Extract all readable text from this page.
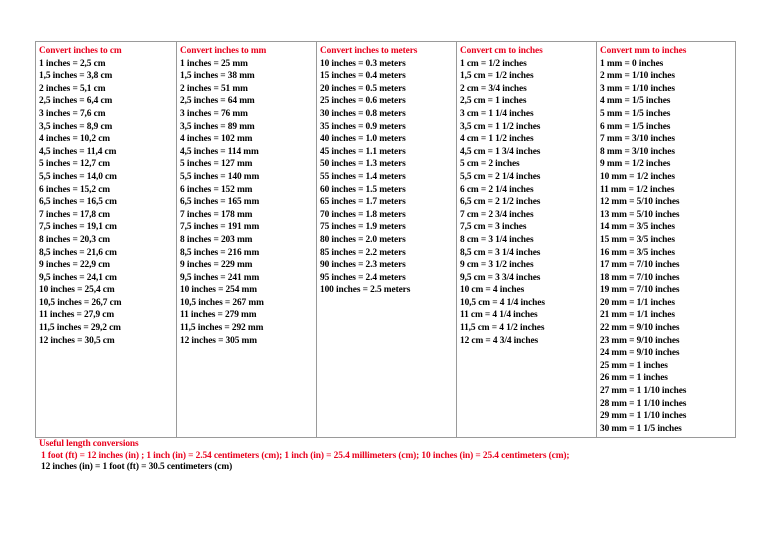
Convert inches to cm
1 inches = 2,5 cm
1,5 inches = 3,8 cm
2 inches = 5,1 cm
2,5 inches = 6,4 cm
3 inches = 7,6 cm
3,5 inches = 8,9 cm
4 inches = 10,2 cm
4,5 inches = 11,4 cm
5 inches = 12,7 cm
5,5 inches = 14,0 cm
6 inches = 15,2 cm
6,5 inches = 16,5 cm
7 inches = 17,8 cm
7,5 inches = 19,1 cm
8 inches = 20,3 cm
8,5 inches = 21,6 cm
9 inches = 22,9 cm
9,5 inches = 24,1 cm
10 inches = 25,4 cm
10,5 inches = 26,7 cm
11 inches = 27,9 cm
11,5 inches = 29,2 cm
12 inches = 30,5 cm
Convert inches to mm
1 inches = 25 mm
1,5 inches = 38 mm
2 inches = 51 mm
2,5 inches = 64 mm
3 inches = 76 mm
3,5 inches = 89 mm
4 inches = 102 mm
4,5 inches = 114 mm
5 inches = 127 mm
5,5 inches = 140 mm
6 inches = 152 mm
6,5 inches = 165 mm
7 inches = 178 mm
7,5 inches = 191 mm
8 inches = 203 mm
8,5 inches = 216 mm
9 inches = 229 mm
9,5 inches = 241 mm
10 inches = 254 mm
10,5 inches = 267 mm
11 inches = 279 mm
11,5 inches = 292 mm
12 inches = 305 mm
Convert inches to meters
10 inches = 0.3 meters
15 inches = 0.4 meters
20 inches = 0.5 meters
25 inches = 0.6 meters
30 inches = 0.8 meters
35 inches = 0.9 meters
40 inches = 1.0 meters
45 inches = 1.1 meters
50 inches = 1.3 meters
55 inches = 1.4 meters
60 inches = 1.5 meters
65 inches = 1.7 meters
70 inches = 1.8 meters
75 inches = 1.9 meters
80 inches = 2.0 meters
85 inches = 2.2 meters
90 inches = 2.3 meters
95 inches = 2.4 meters
100 inches = 2.5 meters
Convert cm to inches
1 cm = 1/2 inches
1,5 cm = 1/2 inches
2 cm = 3/4 inches
2,5 cm = 1 inches
3 cm = 1 1/4 inches
3,5 cm = 1 1/2 inches
4 cm = 1 1/2 inches
4,5 cm = 1 3/4 inches
5 cm = 2 inches
5,5 cm = 2 1/4 inches
6 cm = 2 1/4 inches
6,5 cm = 2 1/2 inches
7 cm = 2 3/4 inches
7,5 cm = 3 inches
8 cm = 3 1/4 inches
8,5 cm = 3 1/4 inches
9 cm = 3 1/2 inches
9,5 cm = 3 3/4 inches
10 cm = 4 inches
10,5 cm = 4 1/4 inches
11 cm = 4 1/4 inches
11,5 cm = 4 1/2 inches
12 cm = 4 3/4 inches
Convert mm to inches
1 mm = 0 inches
2 mm = 1/10 inches
3 mm = 1/10 inches
4 mm = 1/5 inches
5 mm = 1/5 inches
6 mm = 1/5 inches
7 mm = 3/10 inches
8 mm = 3/10 inches
9 mm = 1/2 inches
10 mm = 1/2 inches
11 mm = 1/2 inches
12 mm = 5/10 inches
13 mm = 5/10 inches
14 mm = 3/5 inches
15 mm = 3/5 inches
16 mm = 3/5 inches
17 mm = 7/10 inches
18 mm = 7/10 inches
19 mm = 7/10 inches
20 mm = 1/1 inches
21 mm = 1/1 inches
22 mm = 9/10 inches
23 mm = 9/10 inches
24 mm = 9/10 inches
25 mm = 1 inches
26 mm = 1 inches
27 mm = 1 1/10 inches
28 mm = 1 1/10 inches
29 mm = 1 1/10 inches
30 mm = 1 1/5 inches
Useful length conversions
1 foot (ft) = 12 inches (in) ; 1 inch (in) = 2.54 centimeters (cm); 1 inch (in) = 25.4 millimeters (cm); 10 inches (in) = 25.4 centimeters (cm);
12 inches (in) = 1 foot (ft) = 30.5 centimeters (cm)
